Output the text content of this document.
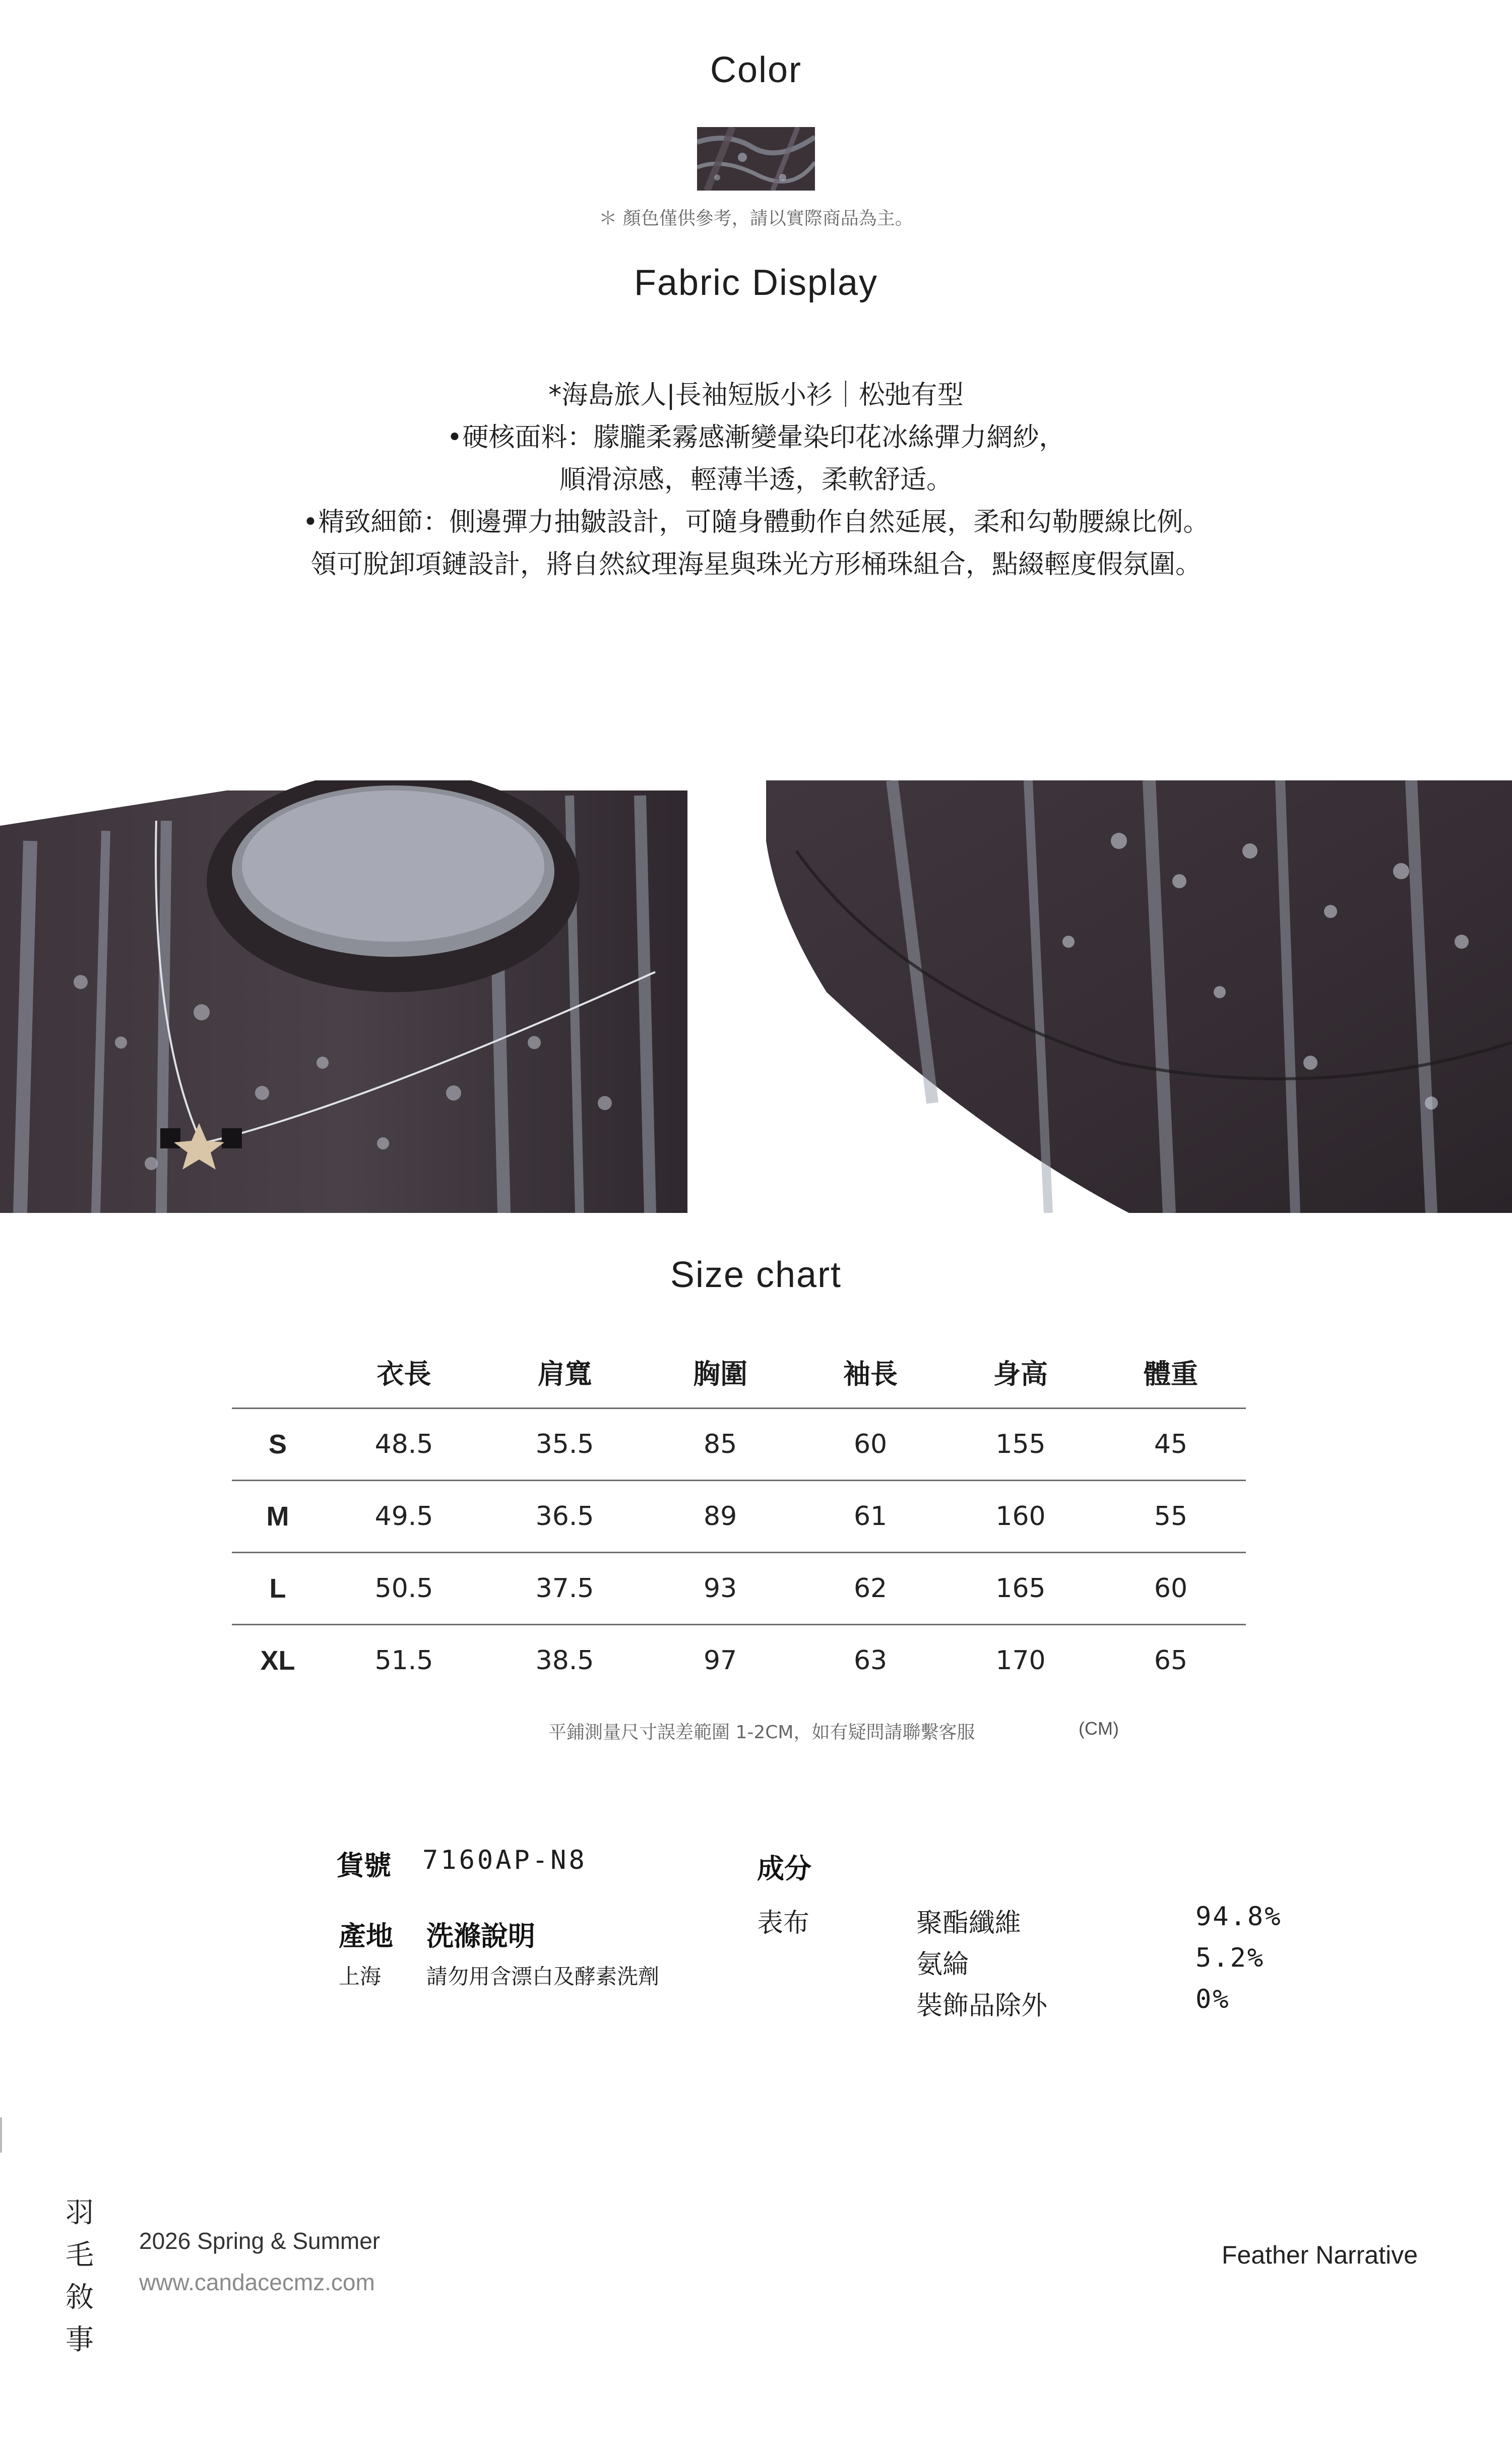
Color
＊ 顏色僅供參考，請以實際商品為主。
Fabric Display

*海島旅人|長袖短版小衫｜松弛有型

•硬核面料：朦朧柔霧感漸變暈染印花冰絲彈力網紗，

順滑涼感，輕薄半透，柔軟舒适。

•精致細節：側邊彈力抽皺設計，可隨身體動作自然延展，柔和勾勒腰線比例。

領可脫卸項鏈設計，將自然紋理海星與珠光方形桶珠組合，點綴輕度假氛圍。

Size chart
	衣長	肩寬	胸圍	袖長	身高	體重
S	48.5	35.5	85	60	155	45
M	49.5	36.5	89	61	160	55
L	50.5	37.5	93	62	165	60
XL	51.5	38.5	97	63	170	65
平鋪測量尺寸誤差範圍 1-2CM，如有疑問請聯繫客服	(CM)
貨號 7160AP-N8
產地 洗滌說明
上海 請勿用含漂白及酵素洗劑
成分
表布	聚酯纖維	94.8%
氨綸	5.2%
裝飾品除外	0%
羽毛敘事
2026 Spring & Summer
www.candacecmz.com
Feather Narrative
